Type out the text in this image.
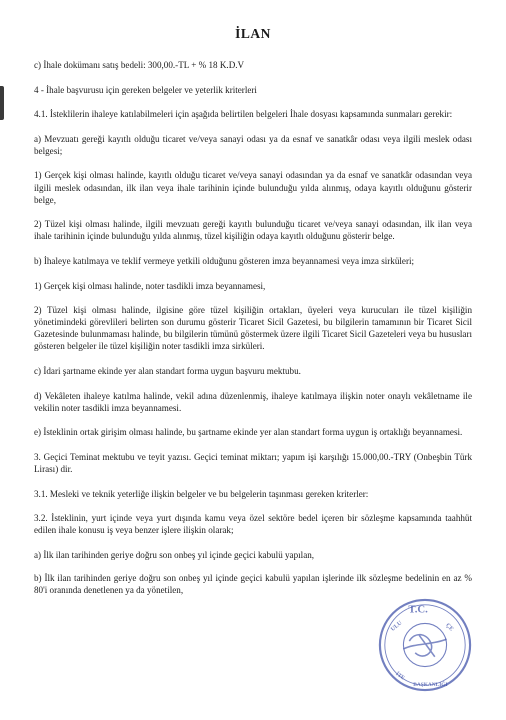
İLAN

c) İhale dokümanı satış bedeli: 300,00.-TL + % 18 K.D.V

4 - İhale başvurusu için gereken belgeler ve yeterlik kriterleri

4.1. İsteklilerin ihaleye katılabilmeleri için aşağıda belirtilen belgeleri İhale dosyası kapsamında sunmaları gerekir:

a) Mevzuatı gereği kayıtlı olduğu ticaret ve/veya sanayi odası ya da esnaf ve sanatkâr odası veya ilgili meslek odası belgesi;

1) Gerçek kişi olması halinde, kayıtlı olduğu ticaret ve/veya sanayi odasından ya da esnaf ve sanatkâr odasından veya ilgili meslek odasından, ilk ilan veya ihale tarihinin içinde bulunduğu yılda alınmış, odaya kayıtlı olduğunu gösterir belge,

2) Tüzel kişi olması halinde, ilgili mevzuatı gereği kayıtlı bulunduğu ticaret ve/veya sanayi odasından, ilk ilan veya ihale tarihinin içinde bulunduğu yılda alınmış, tüzel kişiliğin odaya kayıtlı olduğunu gösterir belge.

b) İhaleye katılmaya ve teklif vermeye yetkili olduğunu gösteren imza beyannamesi veya imza sirküleri;

1) Gerçek kişi olması halinde, noter tasdikli imza beyannamesi,

2) Tüzel kişi olması halinde, ilgisine göre tüzel kişiliğin ortakları, üyeleri veya kurucuları ile tüzel kişiliğin yönetimindeki görevlileri belirten son durumu gösterir Ticaret Sicil Gazetesi, bu bilgilerin tamamının bir Ticaret Sicil Gazetesinde bulunmaması halinde, bu bilgilerin tümünü göstermek üzere ilgili Ticaret Sicil Gazeteleri veya bu hususları gösteren belgeler ile tüzel kişiliğin noter tasdikli imza sirküleri.

c) İdari şartname ekinde yer alan standart forma uygun başvuru mektubu.

d) Vekâleten ihaleye katılma halinde, vekil adına düzenlenmiş, ihaleye katılmaya ilişkin noter onaylı vekâletname ile vekilin noter tasdikli imza beyannamesi.

e) İsteklinin ortak girişim olması halinde, bu şartname ekinde yer alan standart forma uygun iş ortaklığı beyannamesi.

3. Geçici Teminat mektubu ve teyit yazısı. Geçici teminat miktarı; yapım işi karşılığı 15.000,00.-TRY (Onbeşbin Türk Lirası) dir.

3.1. Mesleki ve teknik yeterliğe ilişkin belgeler ve bu belgelerin taşınması gereken kriterler:

3.2. İsteklinin, yurt içinde veya yurt dışında kamu veya özel sektöre bedel içeren bir sözleşme kapsamında taahhüt edilen ihale konusu iş veya benzer işlere ilişkin olarak;

a) İlk ilan tarihinden geriye doğru son onbeş yıl içinde geçici kabulü yapılan,

b) İlk ilan tarihinden geriye doğru son onbeş yıl içinde geçici kabulü yapılan işlerinde ilk sözleşme bedelinin en az % 80'i oranında denetlenen ya da yönetilen,

T.C.
ULU	ÇE
İTE
BAŞKANLIĞI
